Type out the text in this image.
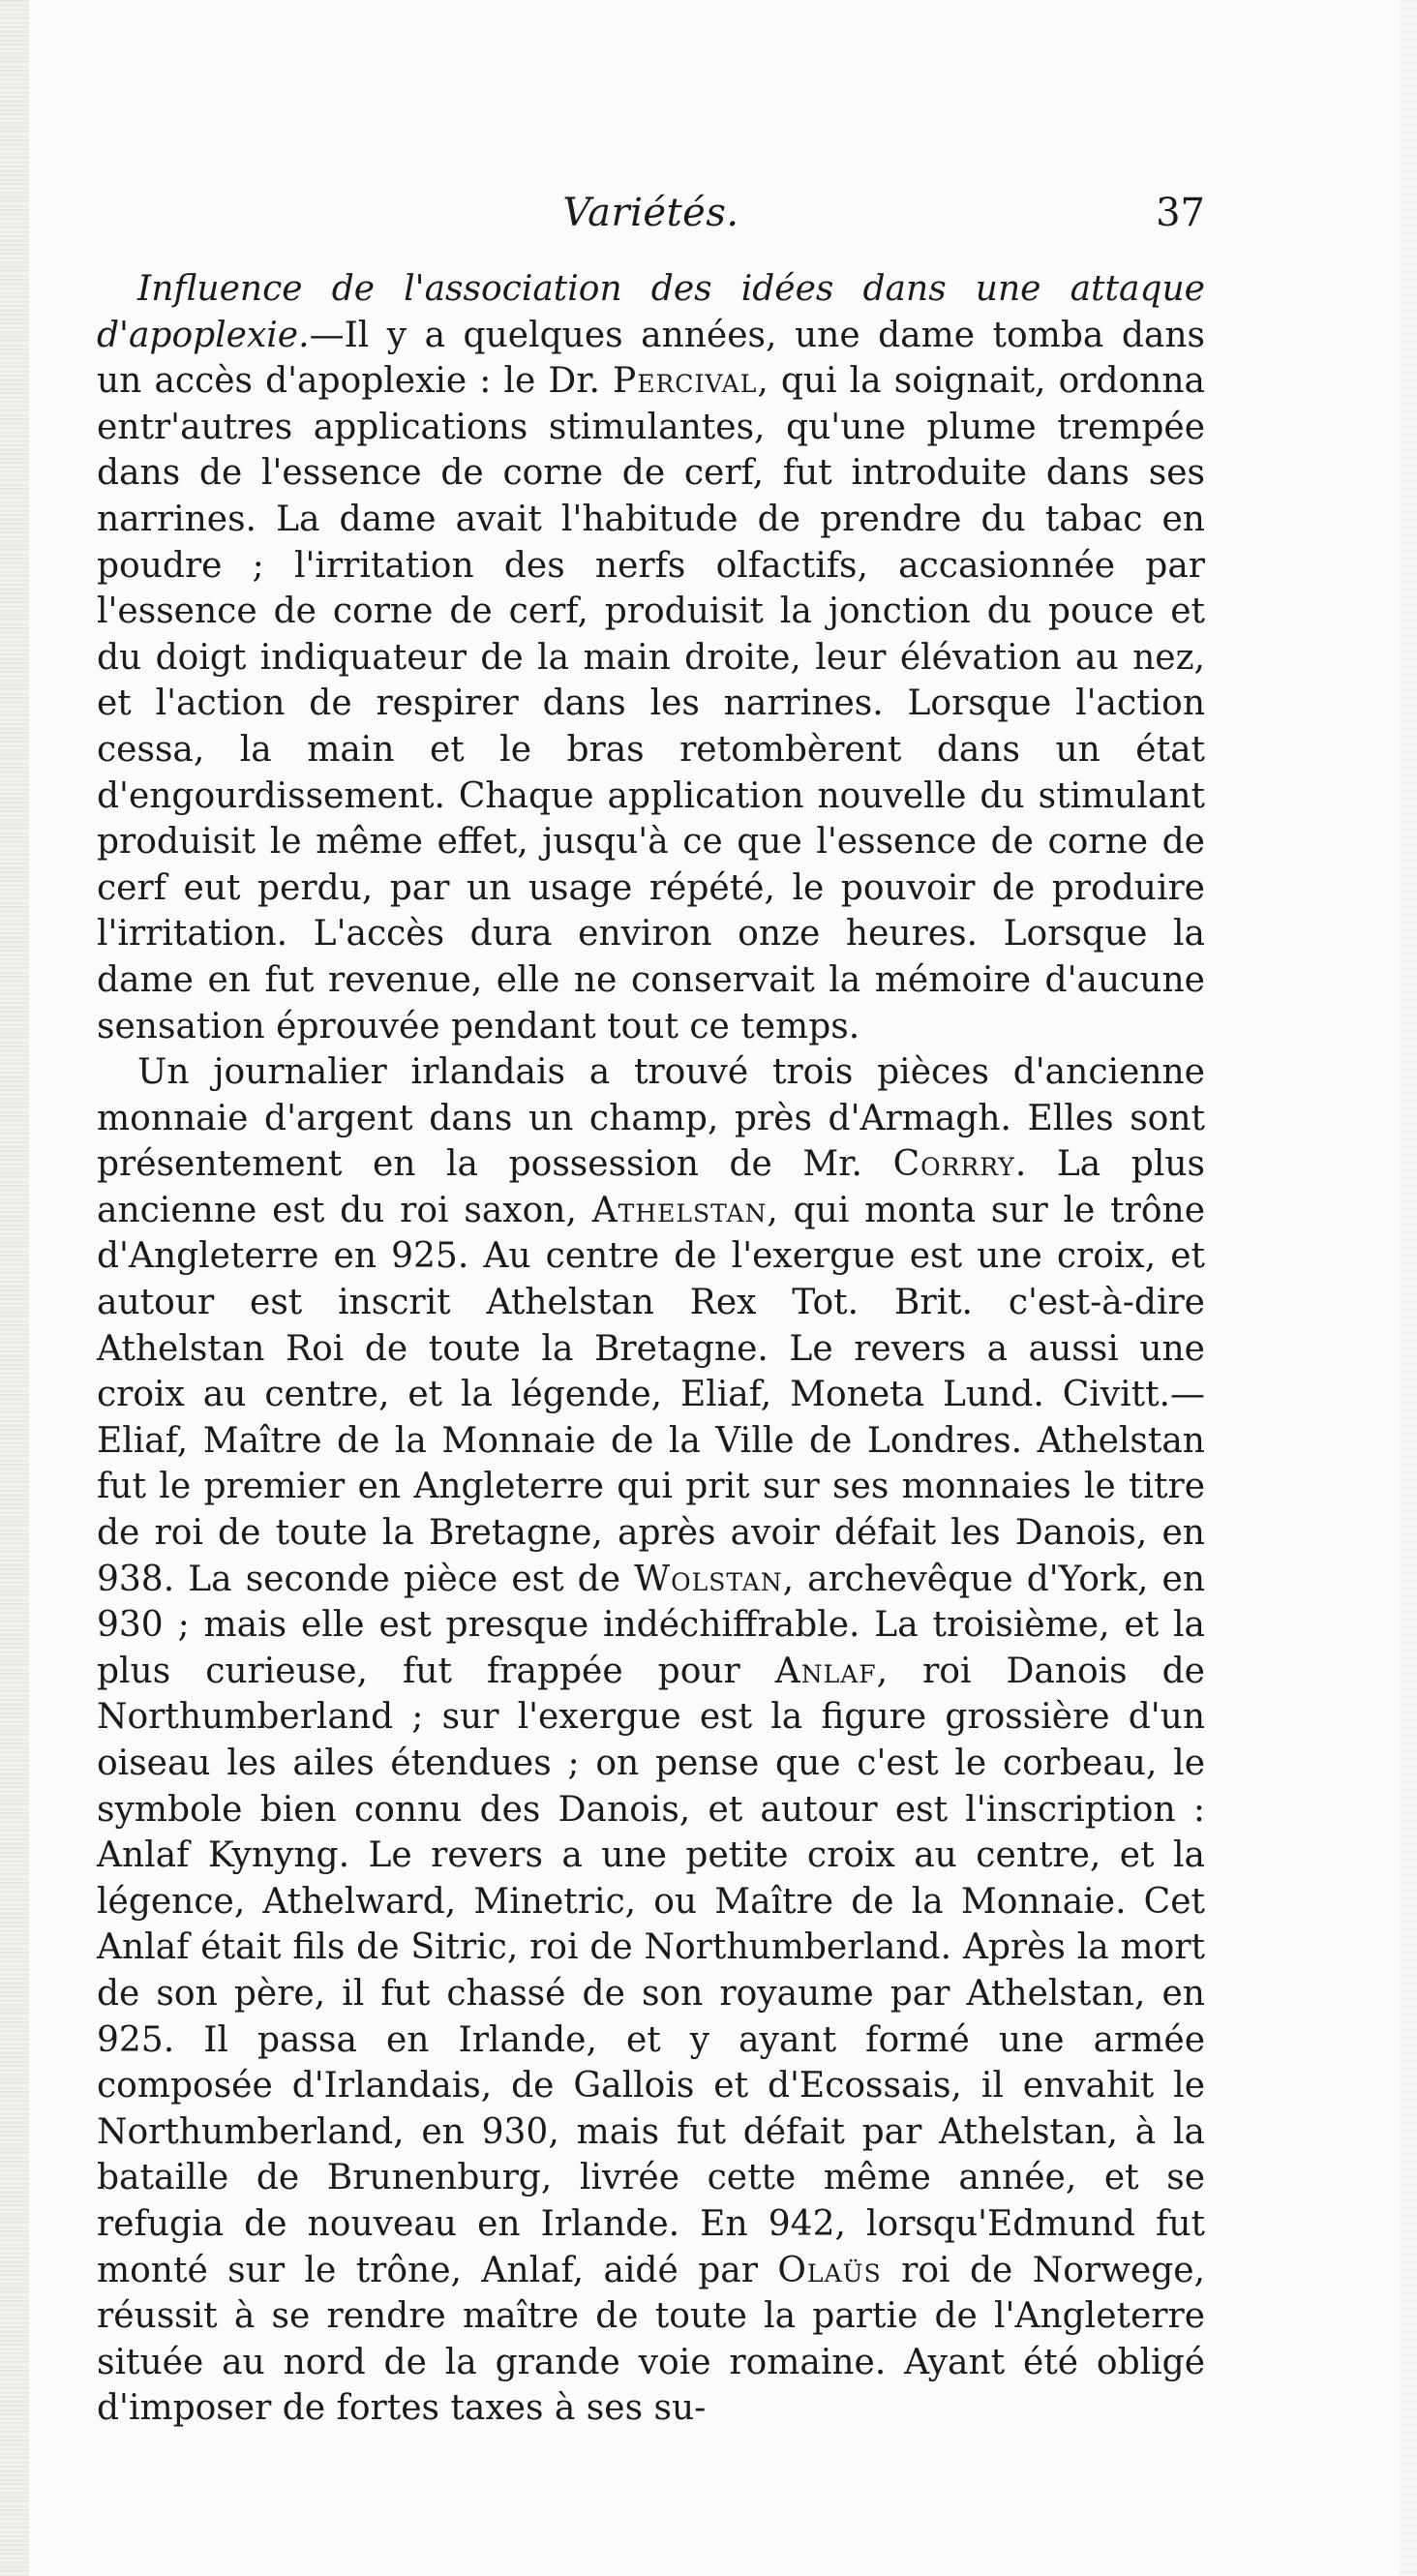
Variétés.	37

Influence de l'association des idées dans une attaque d'apoplexie.—Il y a quelques années, une dame tomba dans un accès d'apoplexie : le Dr. Percival, qui la soignait, ordonna entr'autres applications stimulantes, qu'une plume trempée dans de l'essence de corne de cerf, fut introduite dans ses narrines. La dame avait l'habitude de prendre du tabac en poudre ; l'irritation des nerfs olfactifs, accasionnée par l'essence de corne de cerf, produisit la jonction du pouce et du doigt indiquateur de la main droite, leur élévation au nez, et l'action de respirer dans les narrines. Lorsque l'action cessa, la main et le bras retombèrent dans un état d'engourdissement. Chaque application nouvelle du stimulant produisit le même effet, jusqu'à ce que l'essence de corne de cerf eut perdu, par un usage répété, le pouvoir de produire l'irritation. L'accès dura environ onze heures. Lorsque la dame en fut revenue, elle ne conservait la mémoire d'aucune sensation éprouvée pendant tout ce temps.

Un journalier irlandais a trouvé trois pièces d'ancienne monnaie d'argent dans un champ, près d'Armagh. Elles sont présentement en la possession de Mr. Corrry. La plus ancienne est du roi saxon, Athelstan, qui monta sur le trône d'Angleterre en 925. Au centre de l'exergue est une croix, et autour est inscrit Athelstan Rex Tot. Brit. c'est-à-dire Athelstan Roi de toute la Bretagne. Le revers a aussi une croix au centre, et la légende, Eliaf, Moneta Lund. Civitt.—Eliaf, Maître de la Monnaie de la Ville de Londres. Athelstan fut le premier en Angleterre qui prit sur ses monnaies le titre de roi de toute la Bretagne, après avoir défait les Danois, en 938. La seconde pièce est de Wolstan, archevêque d'York, en 930 ; mais elle est presque indéchiffrable. La troisième, et la plus curieuse, fut frappée pour Anlaf, roi Danois de Northumberland ; sur l'exergue est la figure grossière d'un oiseau les ailes étendues ; on pense que c'est le corbeau, le symbole bien connu des Danois, et autour est l'inscription : Anlaf Kynyng. Le revers a une petite croix au centre, et la légence, Athelward, Minetric, ou Maître de la Monnaie. Cet Anlaf était fils de Sitric, roi de Northumberland. Après la mort de son père, il fut chassé de son royaume par Athelstan, en 925. Il passa en Irlande, et y ayant formé une armée composée d'Irlandais, de Gallois et d'Ecossais, il envahit le Northumberland, en 930, mais fut défait par Athelstan, à la bataille de Brunenburg, livrée cette même année, et se refugia de nouveau en Irlande. En 942, lorsqu'Edmund fut monté sur le trône, Anlaf, aidé par Olaüs roi de Norwege, réussit à se rendre maître de toute la partie de l'Angleterre située au nord de la grande voie romaine. Ayant été obligé d'imposer de fortes taxes à ses su-
